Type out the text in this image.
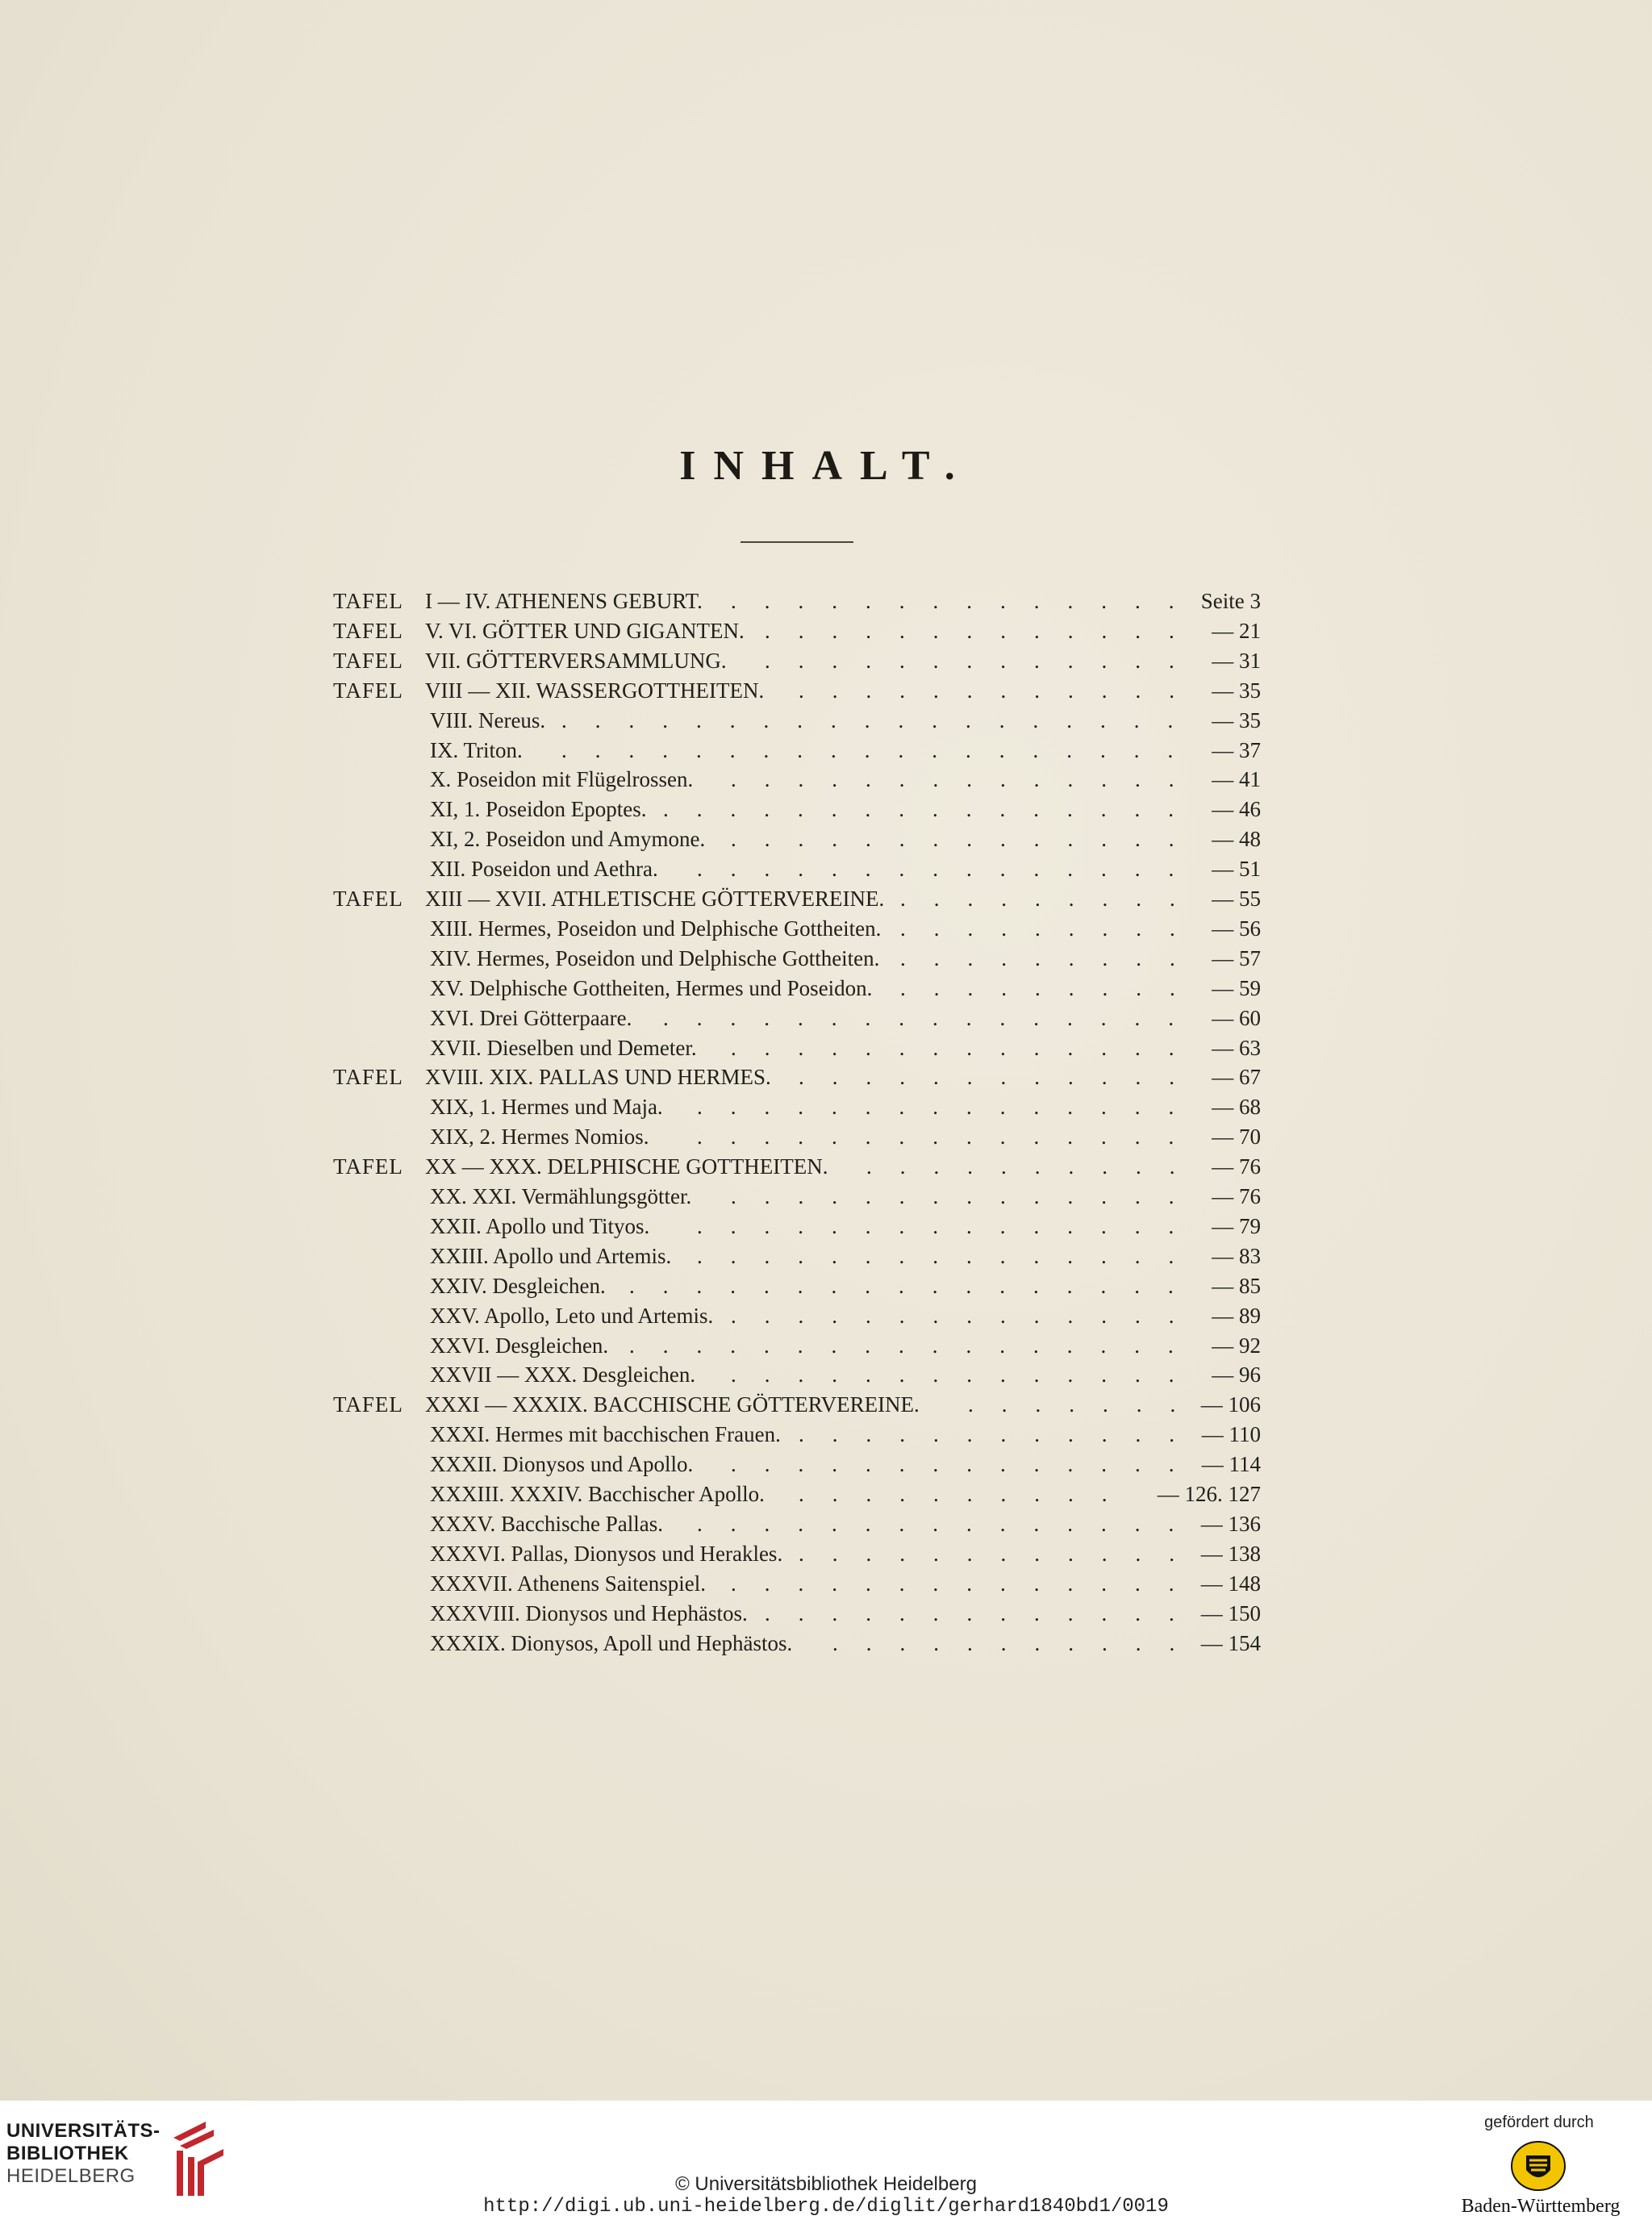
INHALT.
TAFEL I — IV. ATHENENS GEBURT.	Seite 3
..............
TAFEL V. VI. GÖTTER UND GIGANTEN.	— 21
.............
TAFEL VII. GÖTTERVERSAMMLUNG.	— 31
.............
TAFEL VIII — XII. WASSERGOTTHEITEN.	— 35
............
VIII. Nereus.	— 35
...................
IX. Triton.	— 37
...................
X. Poseidon mit Flügelrossen.	— 41
..............
XI, 1. Poseidon Epoptes.	— 46
................
XI, 2. Poseidon und Amymone.	— 48
..............
XII. Poseidon und Aethra.	— 51
...............
TAFEL XIII — XVII. ATHLETISCHE GÖTTERVEREINE.	— 55
.........
XIII. Hermes, Poseidon und Delphische Gottheiten.	— 56
.........
XIV. Hermes, Poseidon und Delphische Gottheiten.	— 57
.........
XV. Delphische Gottheiten, Hermes und Poseidon.	— 59
.........
XVI. Drei Götterpaare.	— 60
................
XVII. Dieselben und Demeter.	— 63
..............
TAFEL XVIII. XIX. PALLAS UND HERMES.	— 67
............
XIX, 1. Hermes und Maja.	— 68
...............
XIX, 2. Hermes Nomios.	— 70
...............
TAFEL XX — XXX. DELPHISCHE GOTTHEITEN.	— 76
..........
XX. XXI. Vermählungsgötter.	— 76
..............
XXII. Apollo und Tityos.	— 79
...............
XXIII. Apollo und Artemis.	— 83
...............
XXIV. Desgleichen.	— 85
.................
XXV. Apollo, Leto und Artemis.	— 89
..............
XXVI. Desgleichen.	— 92
.................
XXVII — XXX. Desgleichen.	— 96
..............
TAFEL XXXI — XXXIX. BACCHISCHE GÖTTERVEREINE.	— 106
.......
XXXI. Hermes mit bacchischen Frauen.	— 110
............
XXXII. Dionysos und Apollo.	— 114
..............
XXXIII. XXXIV. Bacchischer Apollo.	— 126. 127
..........
XXXV. Bacchische Pallas.	— 136
...............
XXXVI. Pallas, Dionysos und Herakles.	— 138
............
XXXVII. Athenens Saitenspiel.	— 148
..............
XXXVIII. Dionysos und Hephästos.	— 150
.............
XXXIX. Dionysos, Apoll und Hephästos.	— 154
...........
UNIVERSITÄTS-
BIBLIOTHEK
HEIDELBERG	© Universitätsbibliothek Heidelberg
http://digi.ub.uni-heidelberg.de/diglit/gerhard1840bd1/0019
gefördert durch
Baden-Württemberg
